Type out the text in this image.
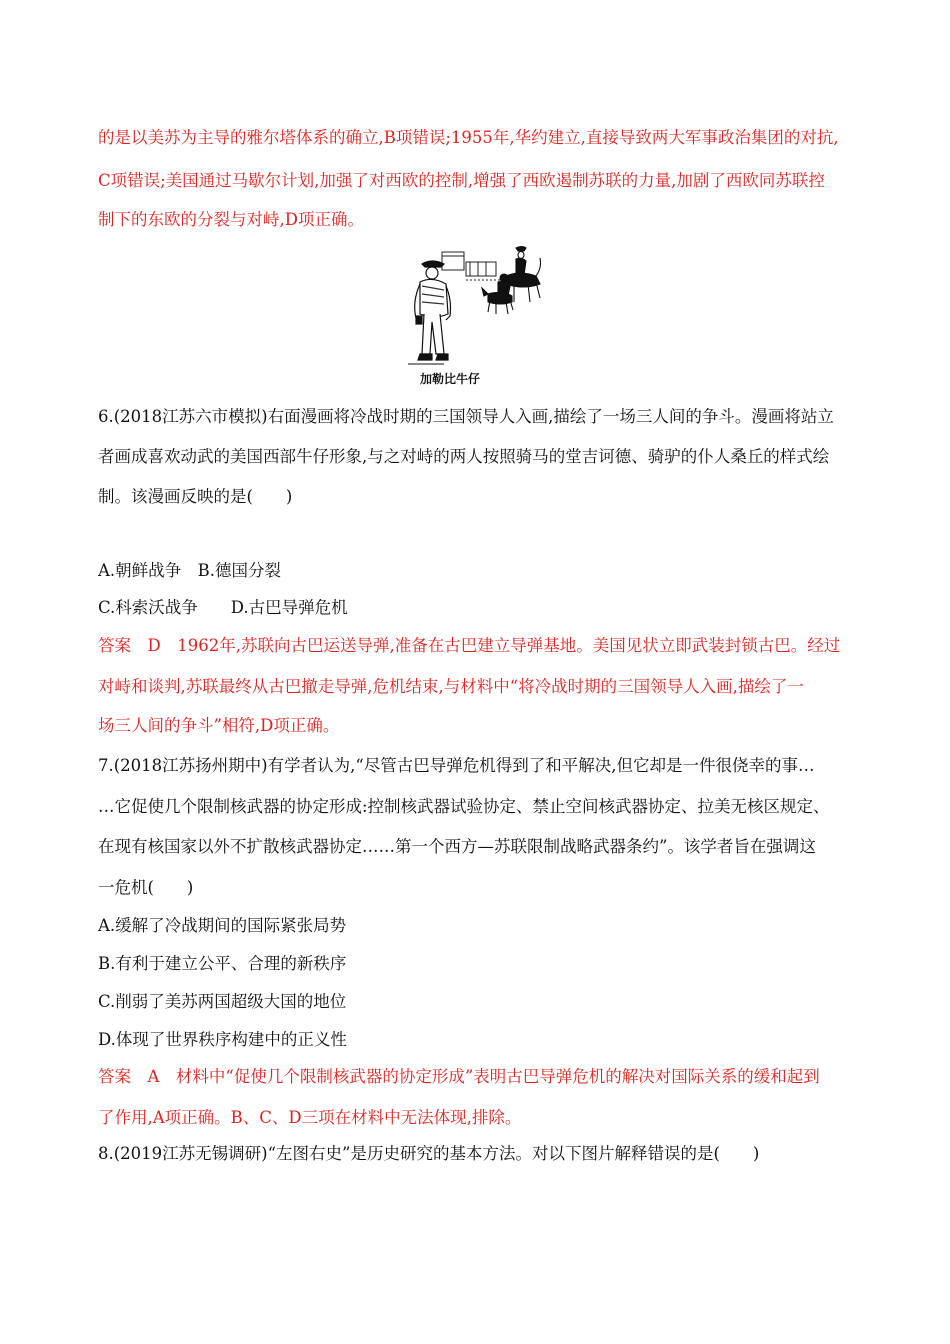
的是以美苏为主导的雅尔塔体系的确立,B项错误;1955年,华约建立,直接导致两大军事政治集团的对抗,
C项错误;美国通过马歇尔计划,加强了对西欧的控制,增强了西欧遏制苏联的力量,加剧了西欧同苏联控
制下的东欧的分裂与对峙,D项正确。
加勒比牛仔
6.(2018江苏六市模拟)右面漫画将冷战时期的三国领导人入画,描绘了一场三人间的争斗。漫画将站立
者画成喜欢动武的美国西部牛仔形象,与之对峙的两人按照骑马的堂吉诃德、骑驴的仆人桑丘的样式绘
制。该漫画反映的是(　　)
A.朝鲜战争　B.德国分裂
C.科索沃战争　　D.古巴导弹危机
答案　D　1962年,苏联向古巴运送导弹,准备在古巴建立导弹基地。美国见状立即武装封锁古巴。经过
对峙和谈判,苏联最终从古巴撤走导弹,危机结束,与材料中“将冷战时期的三国领导人入画,描绘了一
场三人间的争斗”相符,D项正确。
7.(2018江苏扬州期中)有学者认为,“尽管古巴导弹危机得到了和平解决,但它却是一件很侥幸的事…
…它促使几个限制核武器的协定形成:控制核武器试验协定、禁止空间核武器协定、拉美无核区规定、
在现有核国家以外不扩散核武器协定……第一个西方—苏联限制战略武器条约”。该学者旨在强调这
一危机(　　)
A.缓解了冷战期间的国际紧张局势
B.有利于建立公平、合理的新秩序
C.削弱了美苏两国超级大国的地位
D.体现了世界秩序构建中的正义性
答案　A　材料中“促使几个限制核武器的协定形成”表明古巴导弹危机的解决对国际关系的缓和起到
了作用,A项正确。B、C、D三项在材料中无法体现,排除。
8.(2019江苏无锡调研)“左图右史”是历史研究的基本方法。对以下图片解释错误的是(　　)
